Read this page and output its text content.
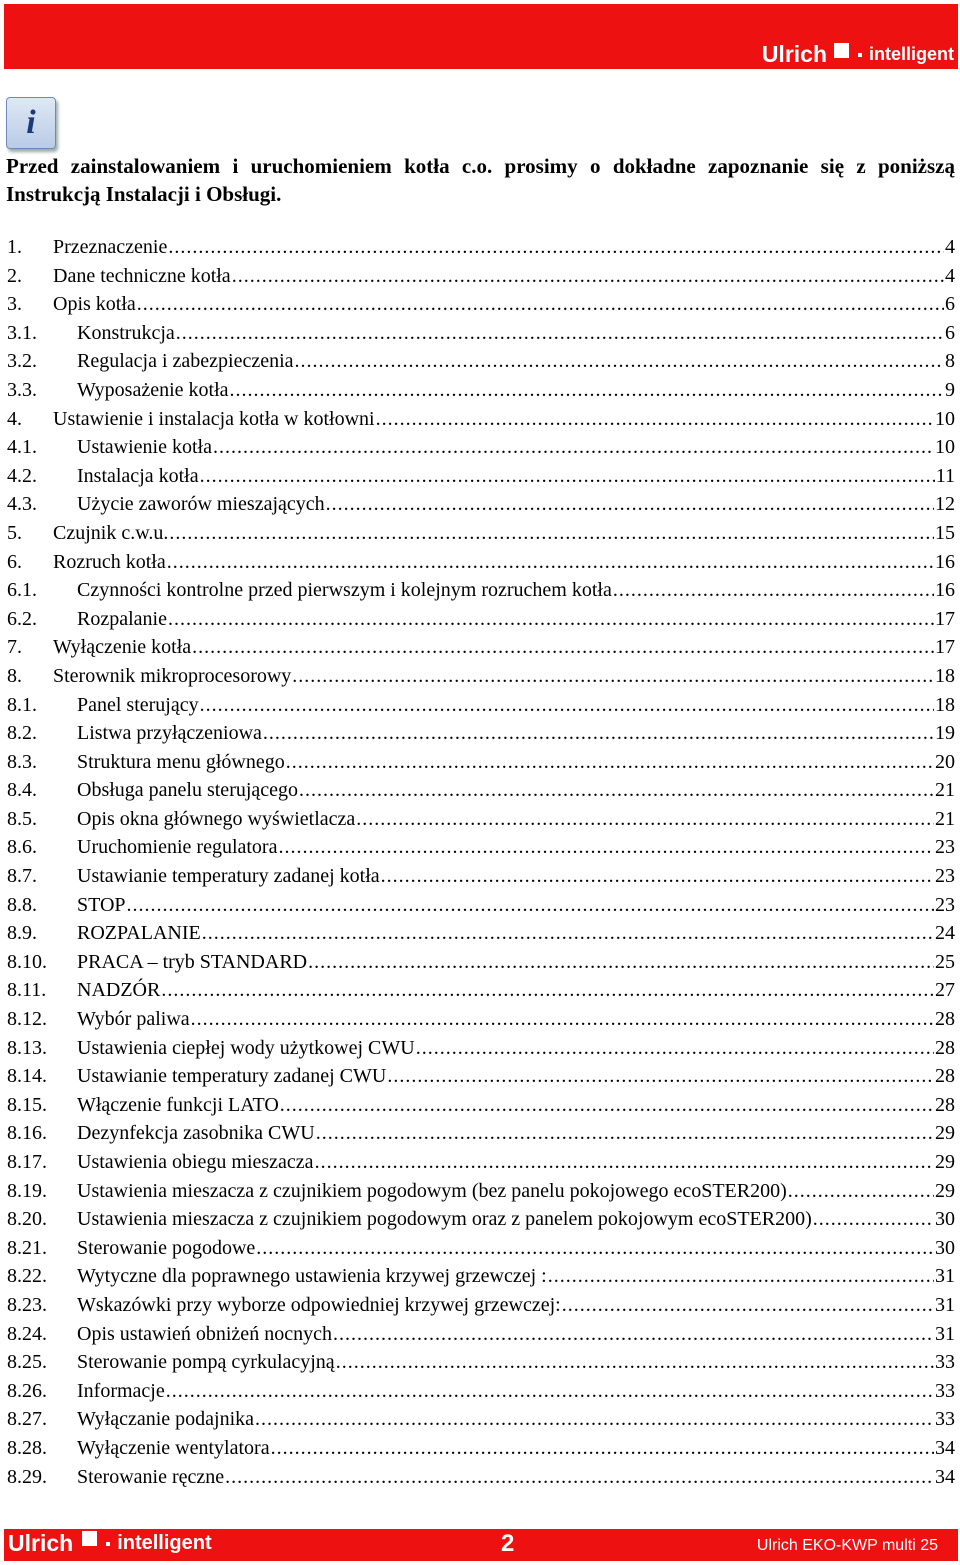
Ulrich intelligent
i
Przed zainstalowaniem i uruchomieniem kotła c.o. prosimy o dokładne zapoznanie się z poniższą Instrukcją Instalacji i Obsługi.
1.	Przeznaczenie .....	4
2.	Dane techniczne kotła .....	4
3.	Opis kotła .....	6
3.1.	Konstrukcja .....	6
3.2.	Regulacja i zabezpieczenia .....	8
3.3.	Wyposażenie kotła .....	9
4.	Ustawienie i instalacja kotła w kotłowni .....	10
4.1.	Ustawienie kotła .....	10
4.2.	Instalacja kotła .....	11
4.3.	Użycie zaworów mieszających .....	12
5.	Czujnik c.w.u. .....	15
6.	Rozruch kotła .....	16
6.1.	Czynności kontrolne przed pierwszym i kolejnym rozruchem kotła .....	16
6.2.	Rozpalanie .....	17
7.	Wyłączenie kotła .....	17
8.	Sterownik mikroprocesorowy .....	18
8.1.	Panel sterujący .....	18
8.2.	Listwa przyłączeniowa .....	19
8.3.	Struktura menu głównego .....	20
8.4.	Obsługa panelu sterującego .....	21
8.5.	Opis okna głównego wyświetlacza .....	21
8.6.	Uruchomienie regulatora .....	23
8.7.	Ustawianie temperatury zadanej kotła .....	23
8.8.	STOP .....	23
8.9.	ROZPALANIE .....	24
8.10.	PRACA – tryb STANDARD .....	25
8.11.	NADZÓR .....	27
8.12.	Wybór paliwa .....	28
8.13.	Ustawienia ciepłej wody użytkowej CWU .....	28
8.14.	Ustawianie temperatury zadanej CWU .....	28
8.15.	Włączenie funkcji LATO .....	28
8.16.	Dezynfekcja zasobnika CWU .....	29
8.17.	Ustawienia obiegu mieszacza .....	29
8.19.	Ustawienia mieszacza z czujnikiem pogodowym (bez panelu pokojowego ecoSTER200) .....	29
8.20.	Ustawienia mieszacza z czujnikiem pogodowym oraz z panelem pokojowym ecoSTER200) .....	30
8.21.	Sterowanie pogodowe .....	30
8.22.	Wytyczne dla poprawnego ustawienia krzywej grzewczej : .....	31
8.23.	Wskazówki przy wyborze odpowiedniej krzywej grzewczej: .....	31
8.24.	Opis ustawień obniżeń nocnych .....	31
8.25.	Sterowanie pompą cyrkulacyjną .....	33
8.26.	Informacje .....	33
8.27.	Wyłączanie podajnika .....	33
8.28.	Wyłączenie wentylatora .....	34
8.29.	Sterowanie ręczne .....	34
Ulrich intelligent	2	Ulrich EKO-KWP multi 25
